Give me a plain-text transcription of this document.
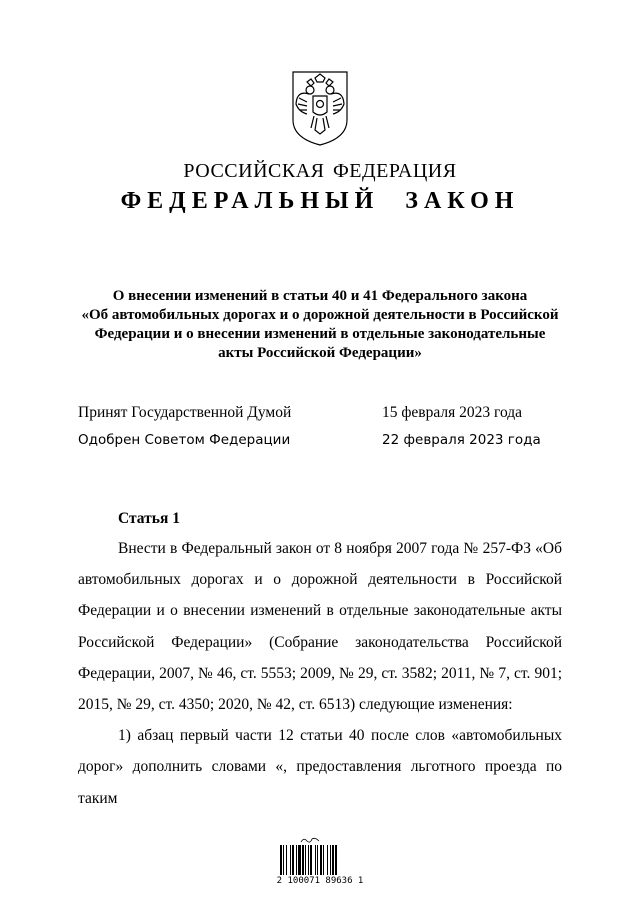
РОССИЙСКАЯ ФЕДЕРАЦИЯ
ФЕДЕРАЛЬНЫЙ ЗАКОН
О внесении изменений в статьи 40 и 41 Федерального закона
«Об автомобильных дорогах и о дорожной деятельности в Российской
Федерации и о внесении изменений в отдельные законодательные
акты Российской Федерации»
Принят Государственной Думой	15 февраля 2023 года
Одобрен Советом Федерации	22 февраля 2023 года
Статья 1

Внести в Федеральный закон от 8 ноября 2007 года № 257-ФЗ «Об автомобильных дорогах и о дорожной деятельности в Российской Федерации и о внесении изменений в отдельные законодательные акты Российской Федерации» (Собрание законодательства Российской Федерации, 2007, № 46, ст. 5553; 2009, № 29, ст. 3582; 2011, № 7, ст. 901; 2015, № 29, ст. 4350; 2020, № 42, ст. 6513) следующие изменения:

1) абзац первый части 12 статьи 40 после слов «автомобильных дорог» дополнить словами «, предоставления льготного проезда по таким

2 100071 89636 1
